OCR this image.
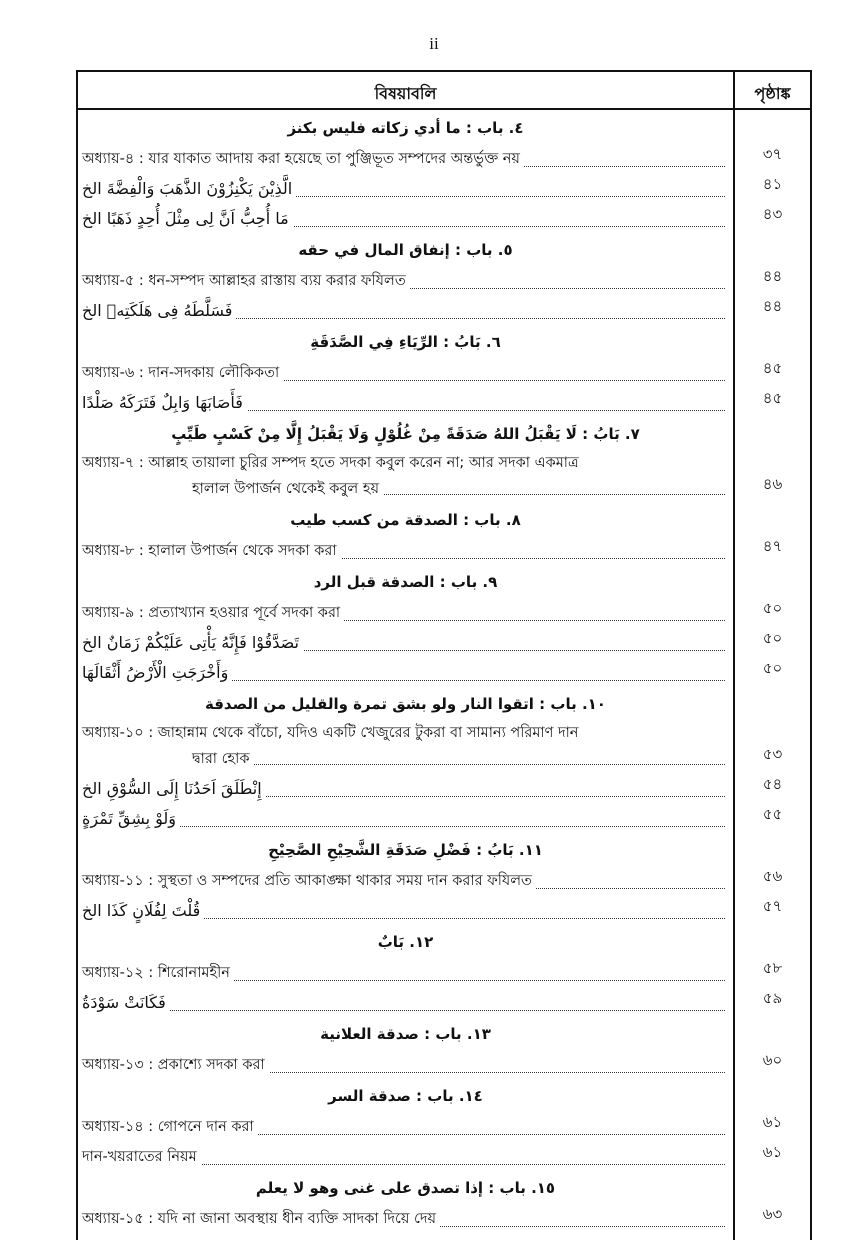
ii
বিষয়াবলি	পৃষ্ঠাঙ্ক
٤. باب : ما أدي زكاته فليس بكنز
অধ্যায়-৪ : যার যাকাত আদায় করা হয়েছে তা পুঞ্জিভূত সম্পদের অন্তর্ভুক্ত নয়	৩৭
الَّذِيْنَ يَكْنِزُوْنَ الذَّهَبَ وَالْفِضَّةَ الخ	৪১
مَا أُحِبُّ اَنَّ لِى مِثْلَ أُحِدٍ ذَهَبًا الخ	৪৩
٥. باب : إنفاق المال في حقه
অধ্যায়-৫ : ধন-সম্পদ আল্লাহর রাস্তায় ব্যয় করার ফযিলত	৪৪
فَسَلَّطَهُ فِى هَلَكَتِهٖ الخ	৪৪
٦. بَابُ : الرِّيَاءِ فِي الصَّدَقَةِ
অধ্যায়-৬ : দান-সদকায় লৌকিকতা	৪৫
فَأَصَابَهَا وَابِلٌ فَتَرَكَهُ صَلْدًا	৪৫
٧. بَابُ : لَا يَقْبَلُ اللهُ صَدَقَةً مِنْ غُلُوْلٍ وَلَا يَقْبَلُ إِلَّا مِنْ كَسْبٍ طَيِّبٍ
অধ্যায়-৭ : আল্লাহ তায়ালা চুরির সম্পদ হতে সদকা কবুল করেন না; আর সদকা একমাত্র
হালাল উপার্জন থেকেই কবুল হয়	৪৬
٨. باب : الصدقة من كسب طيب
অধ্যায়-৮ : হালাল উপার্জন থেকে সদকা করা	৪৭
٩. باب : الصدقة قبل الرد
অধ্যায়-৯ : প্রত্যাখ্যান হওয়ার পূর্বে সদকা করা	৫০
تَصَدَّقُوْا فَإِنَّهُ يَأْتِى عَلَيْكُمْ زَمَانٌ الخ	৫০
وَأَخْرَجَتِ الْأَرْضُ أَثْقَالَهَا	৫০
١٠. باب : اتقوا النار ولو بشق تمرة والقليل من الصدقة
অধ্যায়-১০ : জাহান্নাম থেকে বাঁচো, যদিও একটি খেজুরের টুকরা বা সামান্য পরিমাণ দান
দ্বারা হোক	৫৩
إِنْطَلَقَ اَحَدُنَا إِلَى السُّوْقِ الخ	৫৪
وَلَوْ بِشِقِّ تَمْرَةٍ	৫৫
١١. بَابُ : فَضْلِ صَدَقَةِ الشَّحِيْحِ الصَّحِيْحِ
অধ্যায়-১১ : সুস্থতা ও সম্পদের প্রতি আকাঙ্ক্ষা থাকার সময় দান করার ফযিলত	৫৬
قُلْتَ لِفُلَانٍ كَذَا الخ	৫৭
١٢. بَابٌ
অধ্যায়-১২ : শিরোনামহীন	৫৮
فَكَانَتْ سَوْدَةُ	৫৯
١٣. باب : صدقة العلانية
অধ্যায়-১৩ : প্রকাশ্যে সদকা করা	৬০
١٤. باب : صدقة السر
অধ্যায়-১৪ : গোপনে দান করা	৬১
দান-খয়রাতের নিয়ম	৬১
١٥. باب : إذا تصدق على غنى وهو لا يعلم
অধ্যায়-১৫ : যদি না জানা অবস্থায় ধীন ব্যক্তি সাদকা দিয়ে দেয়	৬৩
